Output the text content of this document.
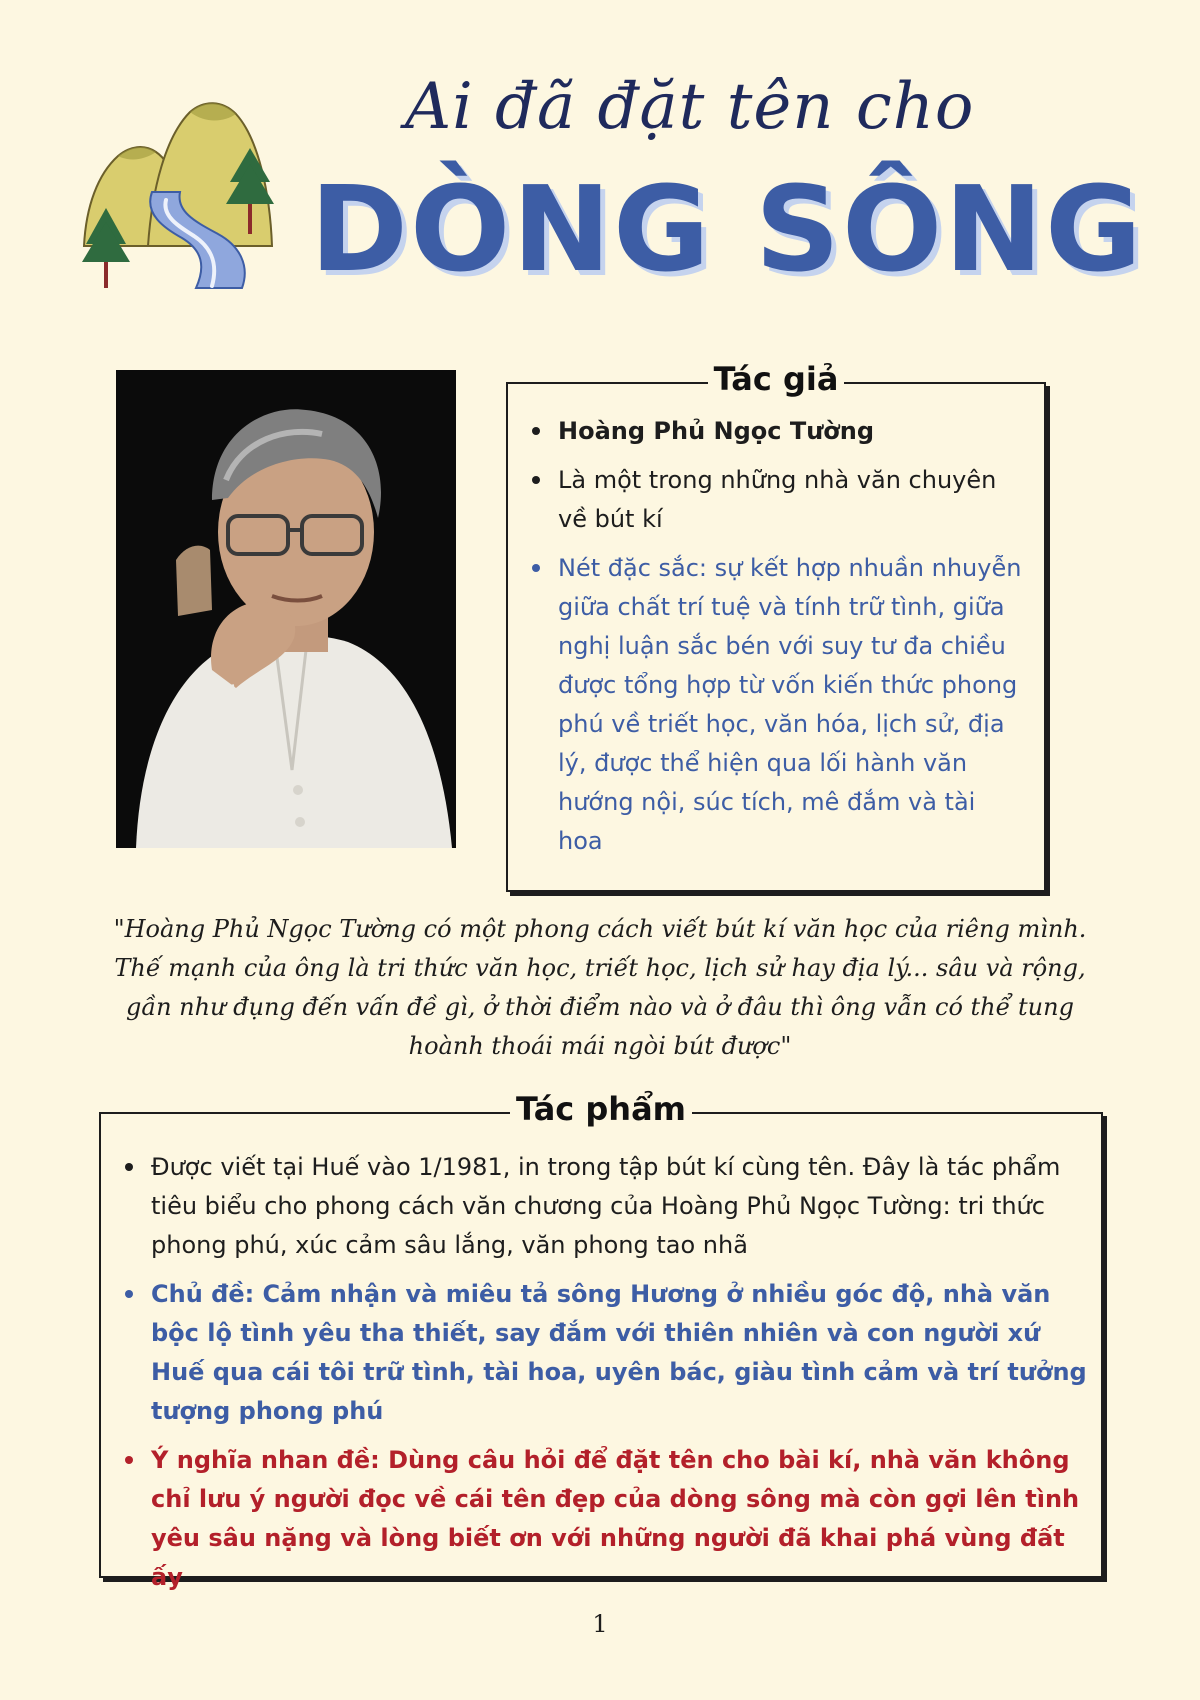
Ai đã đặt tên cho
DÒNG SÔNG
Tác giả
Hoàng Phủ Ngọc Tường
Là một trong những nhà văn chuyên về bút kí
Nét đặc sắc: sự kết hợp nhuần nhuyễn giữa chất trí tuệ và tính trữ tình, giữa nghị luận sắc bén với suy tư đa chiều được tổng hợp từ vốn kiến thức phong phú về triết học, văn hóa, lịch sử, địa lý, được thể hiện qua lối hành văn hướng nội, súc tích, mê đắm và tài hoa
"Hoàng Phủ Ngọc Tường có một phong cách viết bút kí văn học của riêng mình. Thế mạnh của ông là tri thức văn học, triết học, lịch sử hay địa lý... sâu và rộng, gần như đụng đến vấn đề gì, ở thời điểm nào và ở đâu thì ông vẫn có thể tung hoành thoái mái ngòi bút được"
Tác phẩm
Được viết tại Huế vào 1/1981, in trong tập bút kí cùng tên. Đây là tác phẩm tiêu biểu cho phong cách văn chương của Hoàng Phủ Ngọc Tường: tri thức phong phú, xúc cảm sâu lắng, văn phong tao nhã
Chủ đề: Cảm nhận và miêu tả sông Hương ở nhiều góc độ, nhà văn bộc lộ tình yêu tha thiết, say đắm với thiên nhiên và con người xứ Huế qua cái tôi trữ tình, tài hoa, uyên bác, giàu tình cảm và trí tưởng tượng phong phú
Ý nghĩa nhan đề: Dùng câu hỏi để đặt tên cho bài kí, nhà văn không chỉ lưu ý người đọc về cái tên đẹp của dòng sông mà còn gợi lên tình yêu sâu nặng và lòng biết ơn với những người đã khai phá vùng đất ấy
1
